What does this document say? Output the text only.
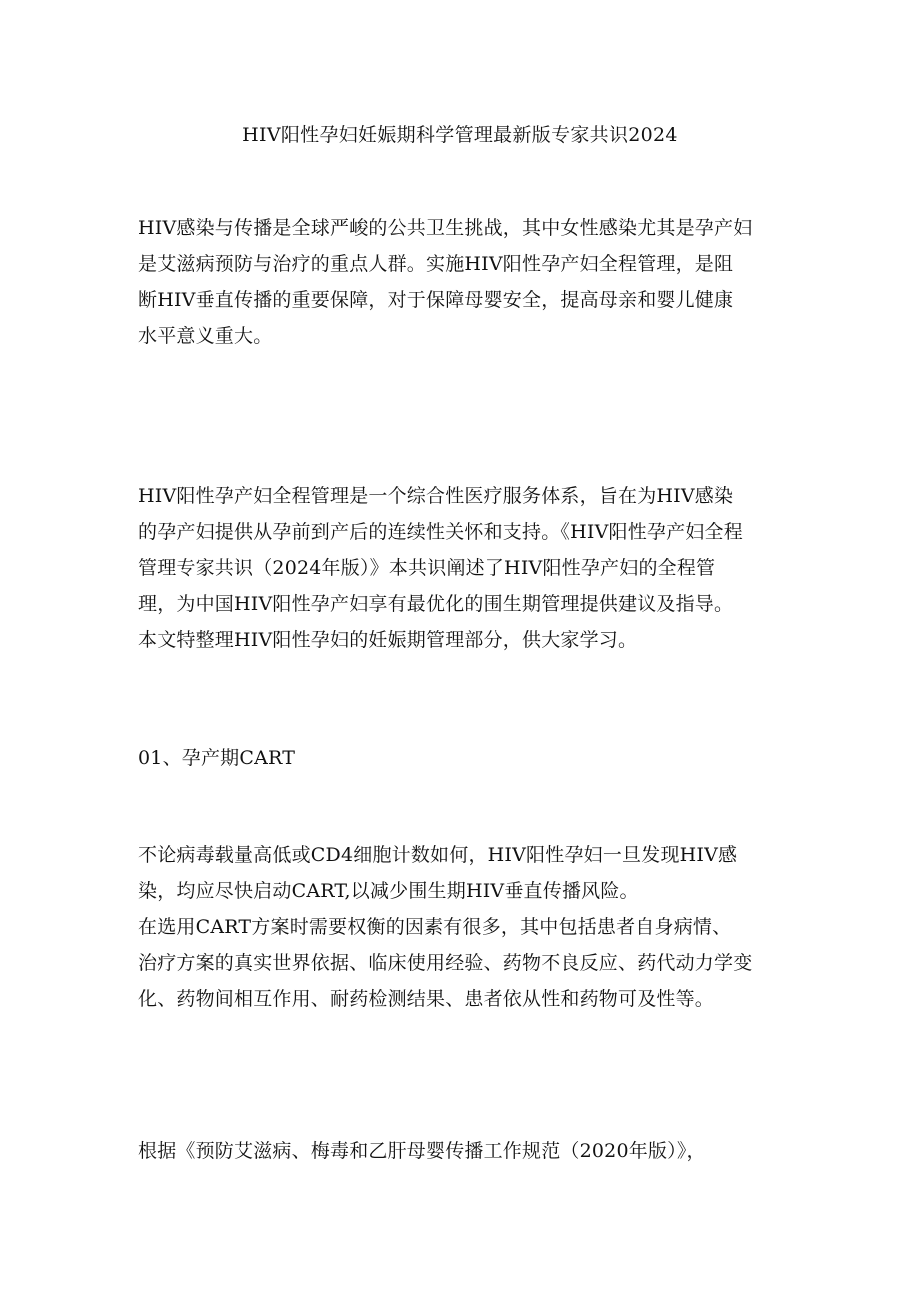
HIV阳性孕妇妊娠期科学管理最新版专家共识2024
HIV感染与传播是全球严峻的公共卫生挑战，其中女性感染尤其是孕产妇
是艾滋病预防与治疗的重点人群。实施HIV阳性孕产妇全程管理，是阻
断HIV垂直传播的重要保障，对于保障母婴安全，提高母亲和婴儿健康
水平意义重大。
HIV阳性孕产妇全程管理是一个综合性医疗服务体系，旨在为HIV感染
的孕产妇提供从孕前到产后的连续性关怀和支持。《HIV阳性孕产妇全程
管理专家共识（2024年版）》本共识阐述了HIV阳性孕产妇的全程管
理，为中国HIV阳性孕产妇享有最优化的围生期管理提供建议及指导。
本文特整理HIV阳性孕妇的妊娠期管理部分，供大家学习。
01、孕产期CART
不论病毒载量高低或CD4细胞计数如何，HIV阳性孕妇一旦发现HIV感
染，均应尽快启动CART,以减少围生期HIV垂直传播风险。
在选用CART方案时需要权衡的因素有很多，其中包括患者自身病情、
治疗方案的真实世界依据、临床使用经验、药物不良反应、药代动力学变
化、药物间相互作用、耐药检测结果、患者依从性和药物可及性等。
根据《预防艾滋病、梅毒和乙肝母婴传播工作规范（2020年版）》，
